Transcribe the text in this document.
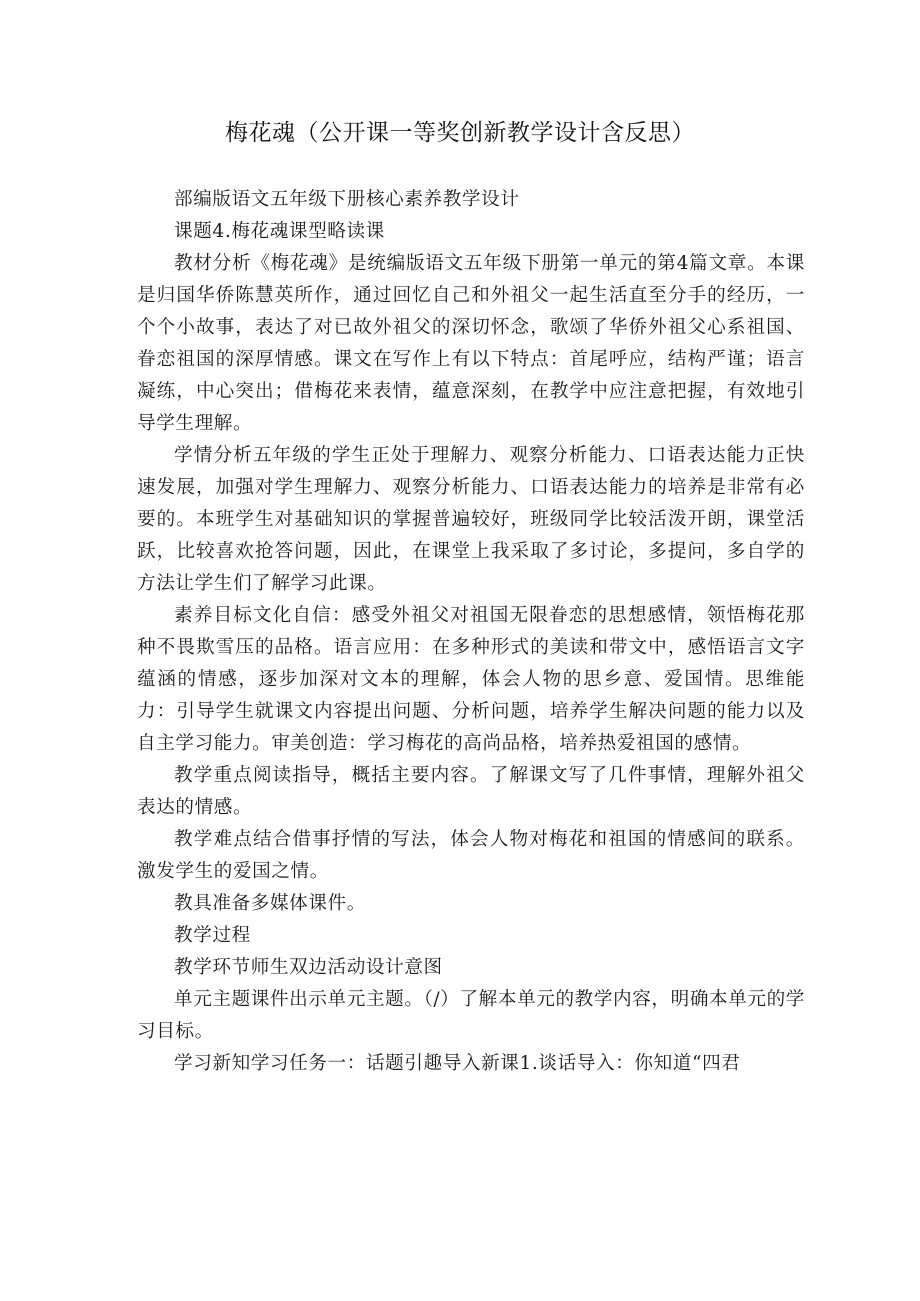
梅花魂（公开课一等奖创新教学设计含反思）

部编版语文五年级下册核心素养教学设计

课题4.梅花魂课型略读课

教材分析《梅花魂》是统编版语文五年级下册第一单元的第4篇文章。本课是归国华侨陈慧英所作，通过回忆自己和外祖父一起生活直至分手的经历，一个个小故事，表达了对已故外祖父的深切怀念，歌颂了华侨外祖父心系祖国、眷恋祖国的深厚情感。课文在写作上有以下特点：首尾呼应，结构严谨；语言凝练，中心突出；借梅花来表情，蕴意深刻，在教学中应注意把握，有效地引导学生理解。

学情分析五年级的学生正处于理解力、观察分析能力、口语表达能力正快速发展，加强对学生理解力、观察分析能力、口语表达能力的培养是非常有必要的。本班学生对基础知识的掌握普遍较好，班级同学比较活泼开朗，课堂活跃，比较喜欢抢答问题，因此，在课堂上我采取了多讨论，多提问，多自学的方法让学生们了解学习此课。

素养目标文化自信：感受外祖父对祖国无限眷恋的思想感情，领悟梅花那种不畏欺雪压的品格。语言应用：在多种形式的美读和带文中，感悟语言文字蕴涵的情感，逐步加深对文本的理解，体会人物的思乡意、爱国情。思维能力：引导学生就课文内容提出问题、分析问题，培养学生解决问题的能力以及自主学习能力。审美创造：学习梅花的高尚品格，培养热爱祖国的感情。

教学重点阅读指导，概括主要内容。了解课文写了几件事情，理解外祖父表达的情感。

教学难点结合借事抒情的写法，体会人物对梅花和祖国的情感间的联系。激发学生的爱国之情。

教具准备多媒体课件。

教学过程

教学环节师生双边活动设计意图

单元主题课件出示单元主题。（/）了解本单元的教学内容，明确本单元的学习目标。

学习新知学习任务一：话题引趣导入新课1.谈话导入：你知道“四君
